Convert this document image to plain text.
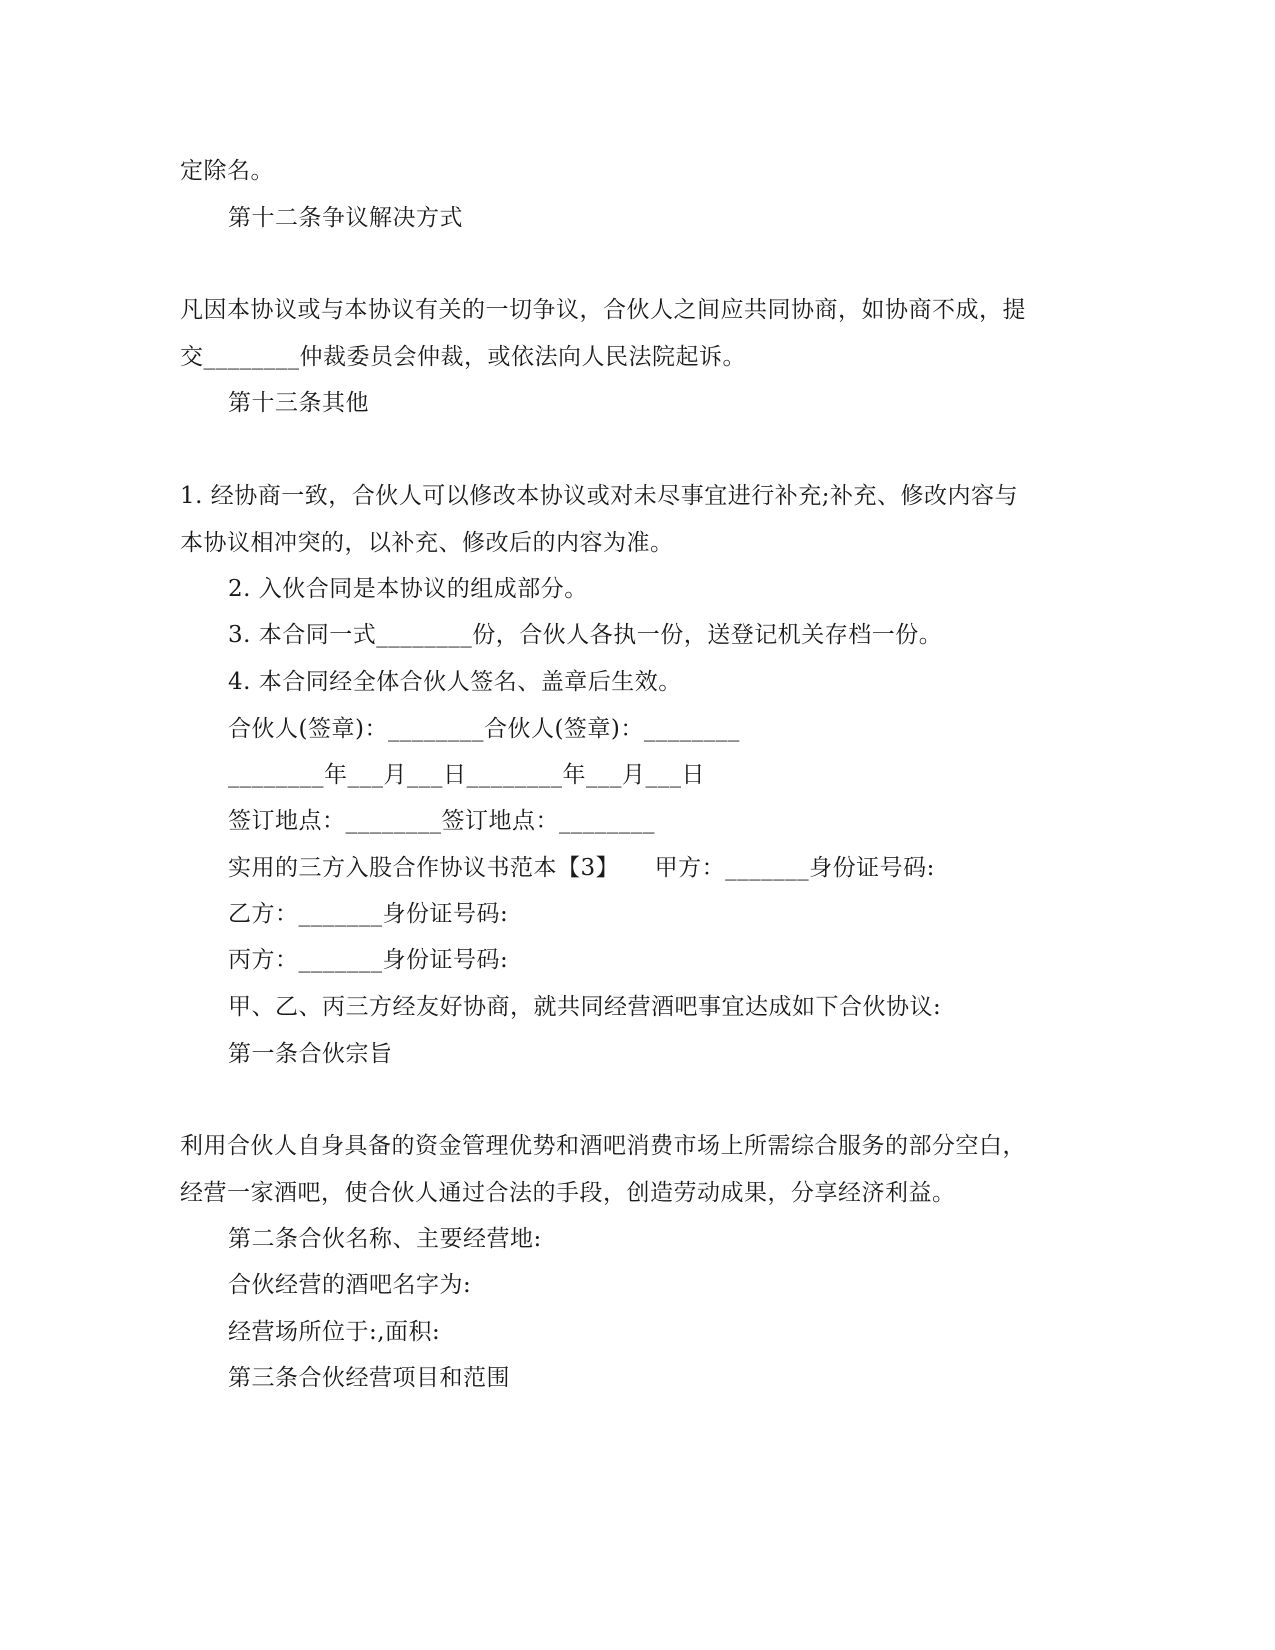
定除名。
第十二条争议解决方式
凡因本协议或与本协议有关的一切争议，合伙人之间应共同协商，如协商不成，提
交________仲裁委员会仲裁，或依法向人民法院起诉。
第十三条其他
1. 经协商一致，合伙人可以修改本协议或对未尽事宜进行补充;补充、修改内容与
本协议相冲突的，以补充、修改后的内容为准。
2. 入伙合同是本协议的组成部分。
3. 本合同一式________份，合伙人各执一份，送登记机关存档一份。
4. 本合同经全体合伙人签名、盖章后生效。
合伙人(签章)：________合伙人(签章)：________
________年___月___日________年___月___日
签订地点：________签订地点：________
实用的三方入股合作协议书范本【3】　　甲方：_______身份证号码:
乙方：_______身份证号码:
丙方：_______身份证号码:
甲、乙、丙三方经友好协商，就共同经营酒吧事宜达成如下合伙协议:
第一条合伙宗旨
利用合伙人自身具备的资金管理优势和酒吧消费市场上所需综合服务的部分空白，
经营一家酒吧，使合伙人通过合法的手段，创造劳动成果，分享经济利益。
第二条合伙名称、主要经营地:
合伙经营的酒吧名字为:
经营场所位于:,面积:
第三条合伙经营项目和范围
